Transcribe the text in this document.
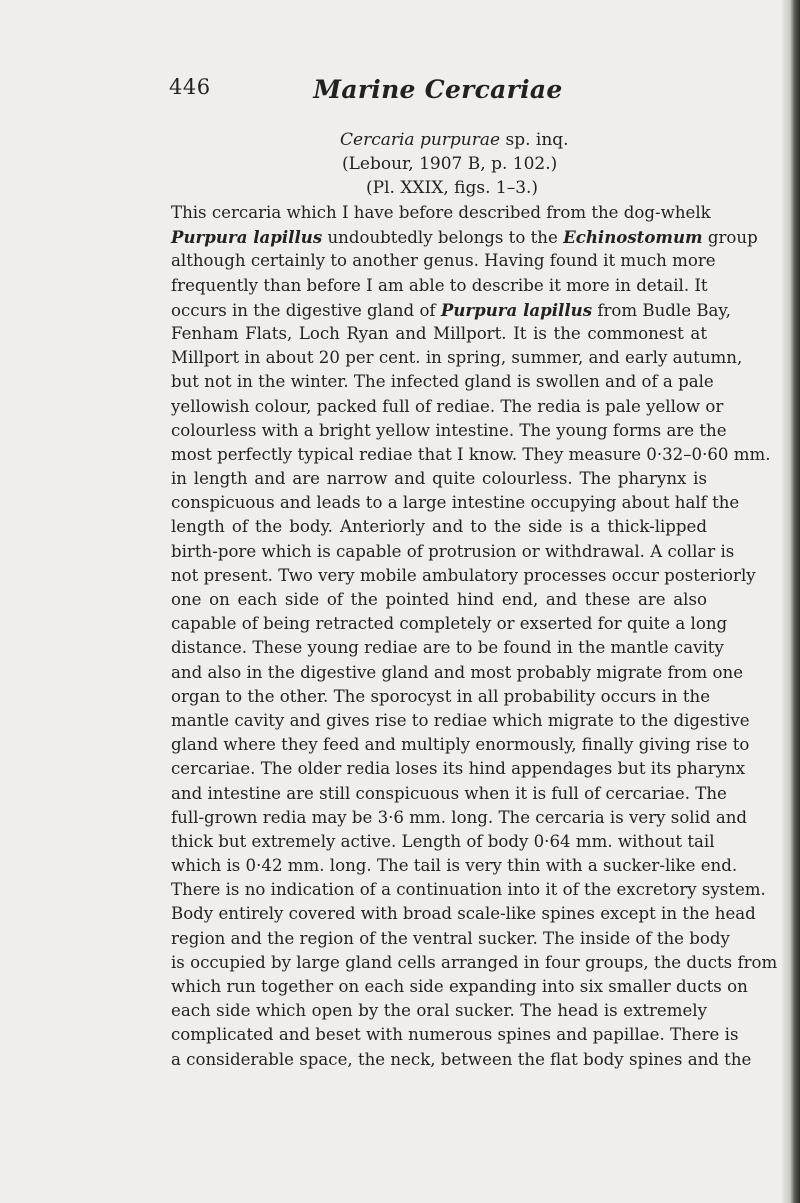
446	Marine Cercariae
Cercaria purpurae sp. inq.
(Lebour, 1907 B, p. 102.)
(Pl. XXIX, figs. 1–3.)
This cercaria which I have before described from the dog-whelk
Purpura lapillus undoubtedly belongs to the Echinostomum group
although certainly to another genus. Having found it much more
frequently than before I am able to describe it more in detail. It
occurs in the digestive gland of Purpura lapillus from Budle Bay,
Fenham Flats, Loch Ryan and Millport. It is the commonest at
Millport in about 20 per cent. in spring, summer, and early autumn,
but not in the winter. The infected gland is swollen and of a pale
yellowish colour, packed full of rediae. The redia is pale yellow or
colourless with a bright yellow intestine. The young forms are the
most perfectly typical rediae that I know. They measure 0·32–0·60 mm.
in length and are narrow and quite colourless. The pharynx is
conspicuous and leads to a large intestine occupying about half the
length of the body. Anteriorly and to the side is a thick-lipped
birth-pore which is capable of protrusion or withdrawal. A collar is
not present. Two very mobile ambulatory processes occur posteriorly
one on each side of the pointed hind end, and these are also
capable of being retracted completely or exserted for quite a long
distance. These young rediae are to be found in the mantle cavity
and also in the digestive gland and most probably migrate from one
organ to the other. The sporocyst in all probability occurs in the
mantle cavity and gives rise to rediae which migrate to the digestive
gland where they feed and multiply enormously, finally giving rise to
cercariae. The older redia loses its hind appendages but its pharynx
and intestine are still conspicuous when it is full of cercariae. The
full-grown redia may be 3·6 mm. long. The cercaria is very solid and
thick but extremely active. Length of body 0·64 mm. without tail
which is 0·42 mm. long. The tail is very thin with a sucker-like end.
There is no indication of a continuation into it of the excretory system.
Body entirely covered with broad scale-like spines except in the head
region and the region of the ventral sucker. The inside of the body
is occupied by large gland cells arranged in four groups, the ducts from
which run together on each side expanding into six smaller ducts on
each side which open by the oral sucker. The head is extremely
complicated and beset with numerous spines and papillae. There is
a considerable space, the neck, between the flat body spines and the
